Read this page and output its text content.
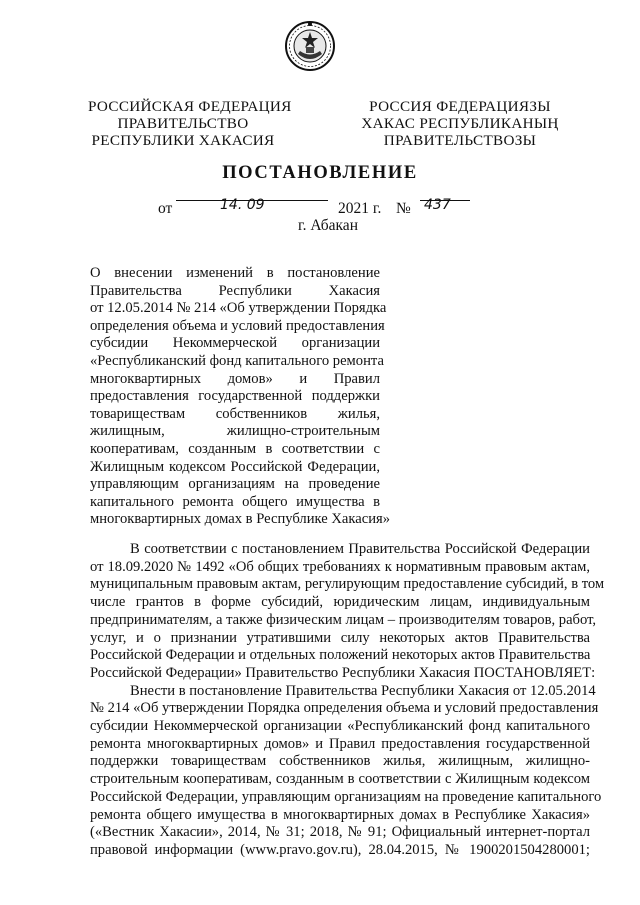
РОССИЙСКАЯ ФЕДЕРАЦИЯ
ПРАВИТЕЛЬСТВО
РЕСПУБЛИКИ ХАКАСИЯ
РОССИЯ ФЕДЕРАЦИЯЗЫ
ХАКАС РЕСПУБЛИКАНЫҢ
ПРАВИТЕЛЬСТВОЗЫ
ПОСТАНОВЛЕНИЕ
от	14. 09	2021 г. № 437
г. Абакан
О внесении изменений в постановление
Правительства Республики Хакасия
от 12.05.2014 № 214 «Об утверждении Порядка
определения объема и условий предоставления
субсидии Некоммерческой организации
«Республиканский фонд капитального ремонта
многоквартирных домов» и Правил
предоставления государственной поддержки
товариществам собственников жилья,
жилищным, жилищно-строительным
кооперативам, созданным в соответствии с
Жилищным кодексом Российской Федерации,
управляющим организациям на проведение
капитального ремонта общего имущества в
многоквартирных домах в Республике Хакасия»
В соответствии с постановлением Правительства Российской Федерации
от 18.09.2020 № 1492 «Об общих требованиях к нормативным правовым актам,
муниципальным правовым актам, регулирующим предоставление субсидий, в том
числе грантов в форме субсидий, юридическим лицам, индивидуальным
предпринимателям, а также физическим лицам – производителям товаров, работ,
услуг, и о признании утратившими силу некоторых актов Правительства
Российской Федерации и отдельных положений некоторых актов Правительства
Российской Федерации» Правительство Республики Хакасия ПОСТАНОВЛЯЕТ:
Внести в постановление Правительства Республики Хакасия от 12.05.2014
№ 214 «Об утверждении Порядка определения объема и условий предоставления
субсидии Некоммерческой организации «Республиканский фонд капитального
ремонта многоквартирных домов» и Правил предоставления государственной
поддержки товариществам собственников жилья, жилищным, жилищно-
строительным кооперативам, созданным в соответствии с Жилищным кодексом
Российской Федерации, управляющим организациям на проведение капитального
ремонта общего имущества в многоквартирных домах в Республике Хакасия»
(«Вестник Хакасии», 2014, № 31; 2018, № 91; Официальный интернет-портал
правовой информации (www.pravo.gov.ru), 28.04.2015, № 1900201504280001;
